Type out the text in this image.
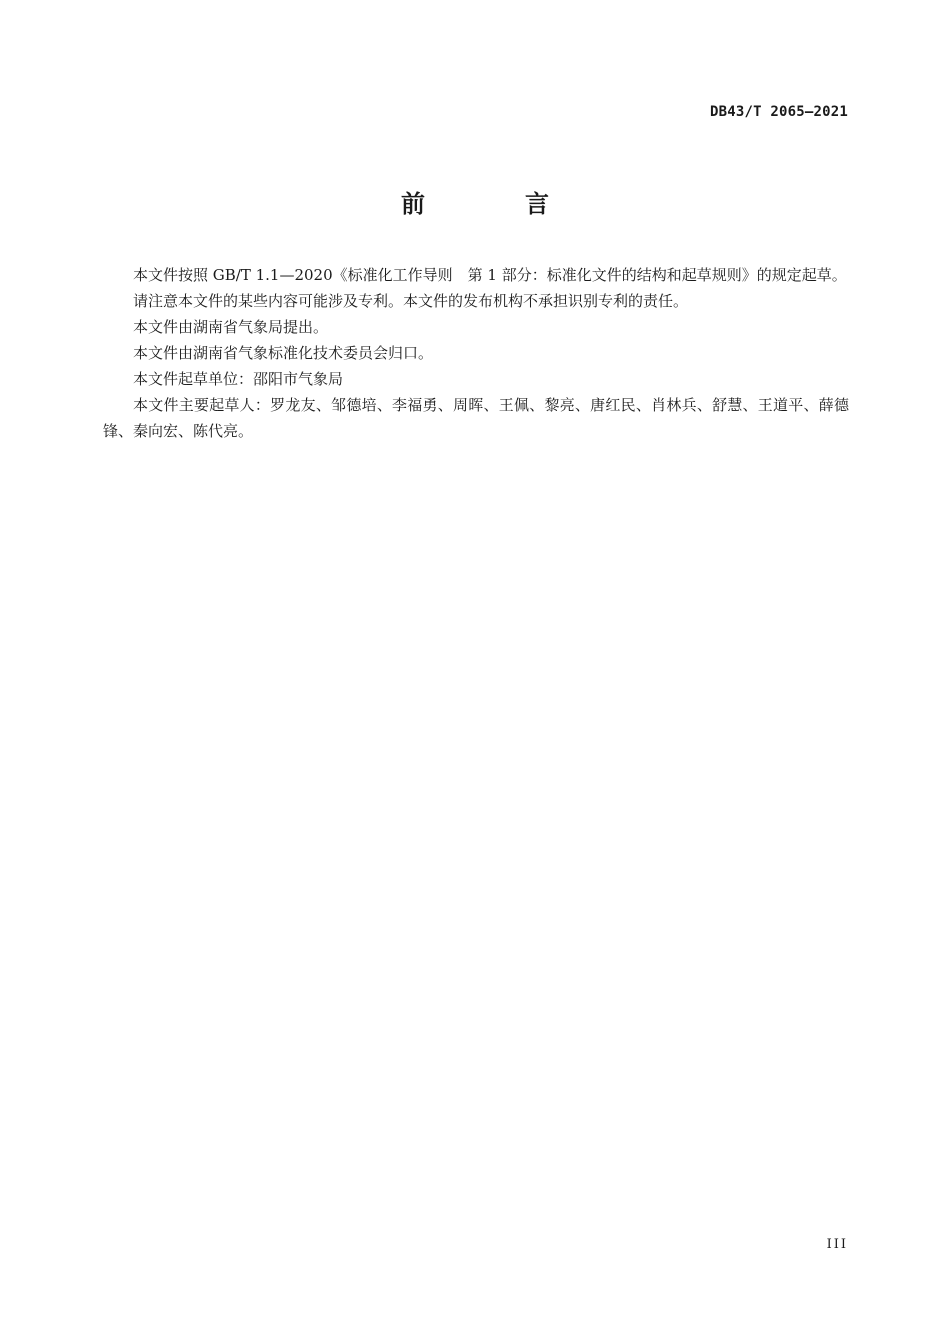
DB43/T 2065—2021
前　言

本文件按照 GB/T 1.1—2020《标准化工作导则　第 1 部分：标准化文件的结构和起草规则》的规定起草。

请注意本文件的某些内容可能涉及专利。本文件的发布机构不承担识别专利的责任。

本文件由湖南省气象局提出。

本文件由湖南省气象标准化技术委员会归口。

本文件起草单位：邵阳市气象局

本文件主要起草人：罗龙友、邹德培、李福勇、周晖、王佩、黎亮、唐红民、肖林兵、舒慧、王道平、薛德锋、秦向宏、陈代亮。

III
